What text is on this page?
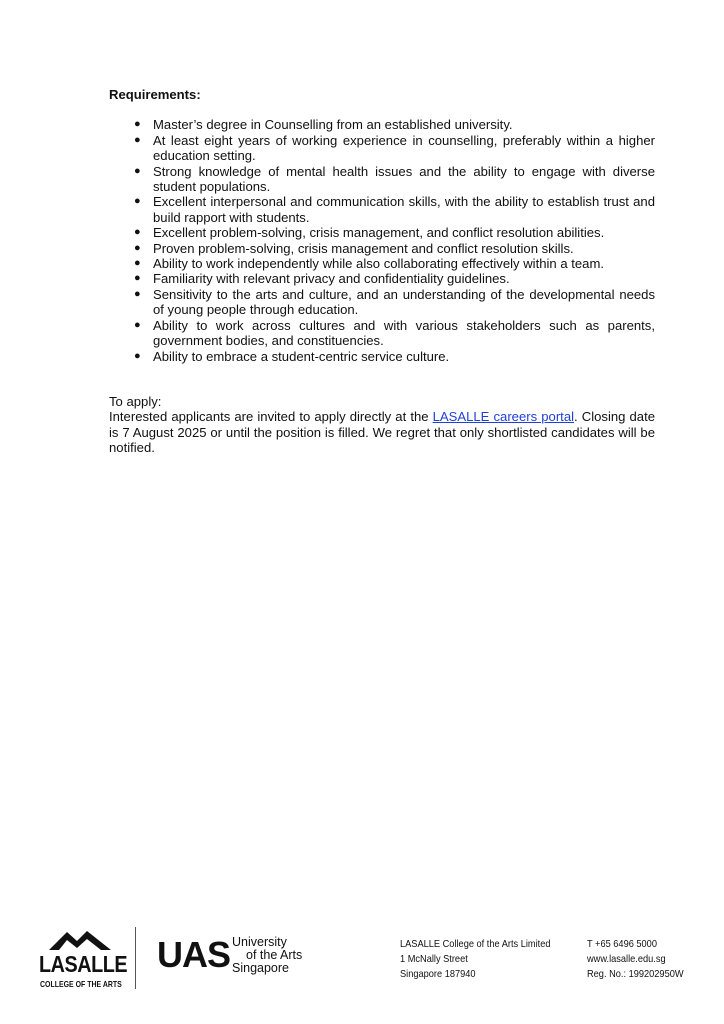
Requirements:

● Master’s degree in Counselling from an established university.
● At least eight years of working experience in counselling, preferably within a higher education setting.
● Strong knowledge of mental health issues and the ability to engage with diverse student populations.
● Excellent interpersonal and communication skills, with the ability to establish trust and build rapport with students.
● Excellent problem-solving, crisis management, and conflict resolution abilities.
● Proven problem-solving, crisis management and conflict resolution skills.
● Ability to work independently while also collaborating effectively within a team.
● Familiarity with relevant privacy and confidentiality guidelines.
● Sensitivity to the arts and culture, and an understanding of the developmental needs of young people through education.
● Ability to work across cultures and with various stakeholders such as parents, government bodies, and constituencies.
● Ability to embrace a student-centric service culture.

To apply:

Interested applicants are invited to apply directly at the LASALLE careers portal. Closing date is 7 August 2025 or until the position is filled. We regret that only shortlisted candidates will be notified.

LASALLE
COLLEGE OF THE ARTS
UAS University
of the Arts
Singapore
LASALLE College of the Arts Limited
1 McNally Street
Singapore 187940
T +65 6496 5000
www.lasalle.edu.sg
Reg. No.: 199202950W
